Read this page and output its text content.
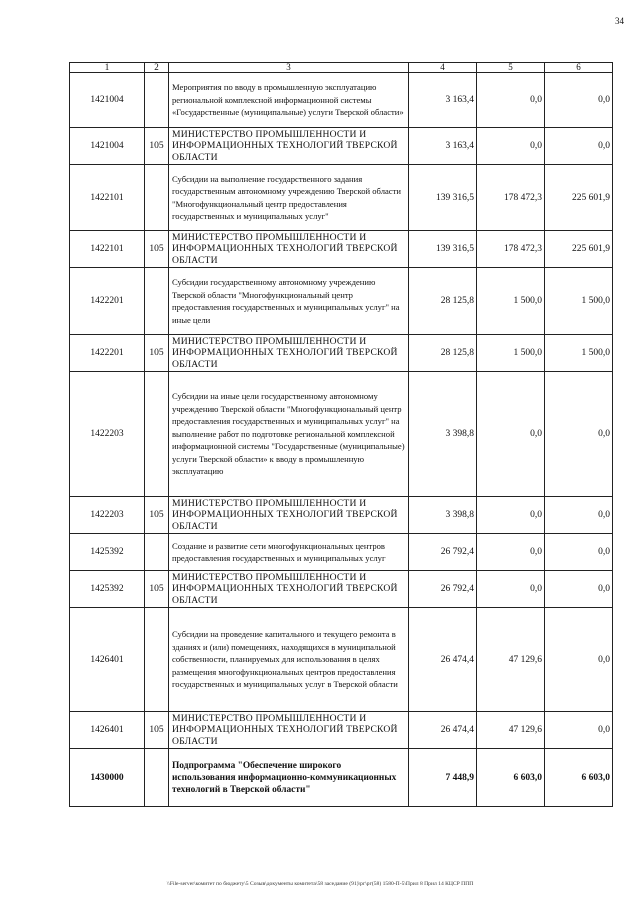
34
1	2	3	4	5	6
1421004		Мероприятия по вводу в промышленную эксплуатацию региональной комплексной информационной системы «Государственные (муниципальные) услуги Тверской области»	3 163,4	0,0	0,0
1421004	105	МИНИСТЕРСТВО ПРОМЫШЛЕННОСТИ И ИНФОРМАЦИОННЫХ ТЕХНОЛОГИЙ ТВЕРСКОЙ ОБЛАСТИ	3 163,4	0,0	0,0
1422101		Субсидии на выполнение государственного задания государственным автономному учреждению Тверской области "Многофункциональный центр предоставления государственных и муниципальных услуг"	139 316,5	178 472,3	225 601,9
1422101	105	МИНИСТЕРСТВО ПРОМЫШЛЕННОСТИ И ИНФОРМАЦИОННЫХ ТЕХНОЛОГИЙ ТВЕРСКОЙ ОБЛАСТИ	139 316,5	178 472,3	225 601,9
1422201		Субсидии государственному автономному учреждению Тверской области "Многофункциональный центр предоставления государственных и муниципальных услуг" на иные цели	28 125,8	1 500,0	1 500,0
1422201	105	МИНИСТЕРСТВО ПРОМЫШЛЕННОСТИ И ИНФОРМАЦИОННЫХ ТЕХНОЛОГИЙ ТВЕРСКОЙ ОБЛАСТИ	28 125,8	1 500,0	1 500,0
1422203		Субсидии на иные цели государственному автономному учреждению Тверской области "Многофункциональный центр предоставления государственных и муниципальных услуг" на выполнение работ по подготовке региональной комплексной информационной системы "Государственные (муниципальные) услуги Тверской области» к вводу в промышленную эксплуатацию	3 398,8	0,0	0,0
1422203	105	МИНИСТЕРСТВО ПРОМЫШЛЕННОСТИ И ИНФОРМАЦИОННЫХ ТЕХНОЛОГИЙ ТВЕРСКОЙ ОБЛАСТИ	3 398,8	0,0	0,0
1425392		Создание и развитие сети многофункциональных центров предоставления государственных и муниципальных услуг	26 792,4	0,0	0,0
1425392	105	МИНИСТЕРСТВО ПРОМЫШЛЕННОСТИ И ИНФОРМАЦИОННЫХ ТЕХНОЛОГИЙ ТВЕРСКОЙ ОБЛАСТИ	26 792,4	0,0	0,0
1426401		Субсидии на проведение капитального и текущего ремонта в зданиях и (или) помещениях, находящихся в муниципальной собственности, планируемых для использования в целях размещения многофункциональных центров предоставления государственных и муниципальных услуг в Тверской области	26 474,4	47 129,6	0,0
1426401	105	МИНИСТЕРСТВО ПРОМЫШЛЕННОСТИ И ИНФОРМАЦИОННЫХ ТЕХНОЛОГИЙ ТВЕРСКОЙ ОБЛАСТИ	26 474,4	47 129,6	0,0
1430000		Подпрограмма "Обеспечение широкого использования информационно-коммуникационных технологий в Тверской области"	7 448,9	6 603,0	6 603,0
\\File-server\комитет по бюджету\5 Созыв\документы комитета\58 заседание (91)\рг\рг(58) 1580-П-5\Прил 8 Прил 14 КЦСР ППП
